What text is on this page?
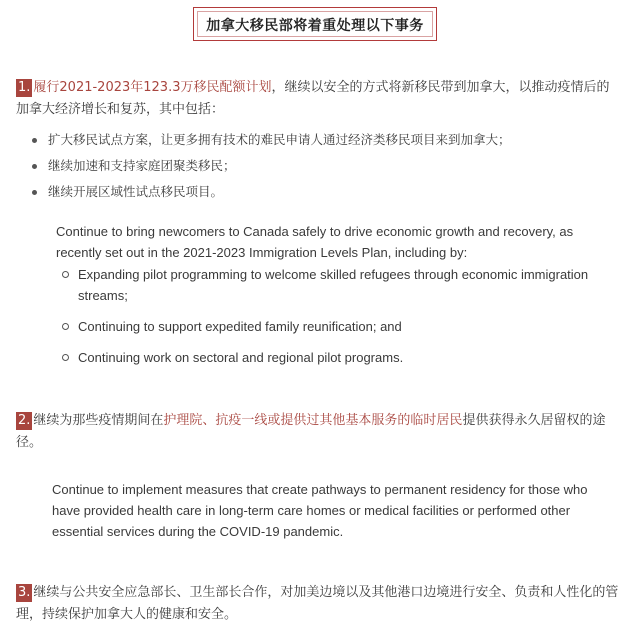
加拿大移民部将着重处理以下事务
1. 履行2021-2023年123.3万移民配额计划，继续以安全的方式将新移民带到加拿大，以推动疫情后的加拿大经济增长和复苏，其中包括：
扩大移民试点方案，让更多拥有技术的难民申请人通过经济类移民项目来到加拿大；
继续加速和支持家庭团聚类移民；
继续开展区域性试点移民项目。
Continue to bring newcomers to Canada safely to drive economic growth and recovery, as recently set out in the 2021-2023 Immigration Levels Plan, including by:
Expanding pilot programming to welcome skilled refugees through economic immigration streams;
Continuing to support expedited family reunification; and
Continuing work on sectoral and regional pilot programs.
2. 继续为那些疫情期间在护理院、抗疫一线或提供过其他基本服务的临时居民提供获得永久居留权的途径。
Continue to implement measures that create pathways to permanent residency for those who have provided health care in long-term care homes or medical facilities or performed other essential services during the COVID-19 pandemic.
3. 继续与公共安全应急部长、卫生部长合作，对加美边境以及其他港口边境进行安全、负责和人性化的管理，持续保护加拿大人的健康和安全。
